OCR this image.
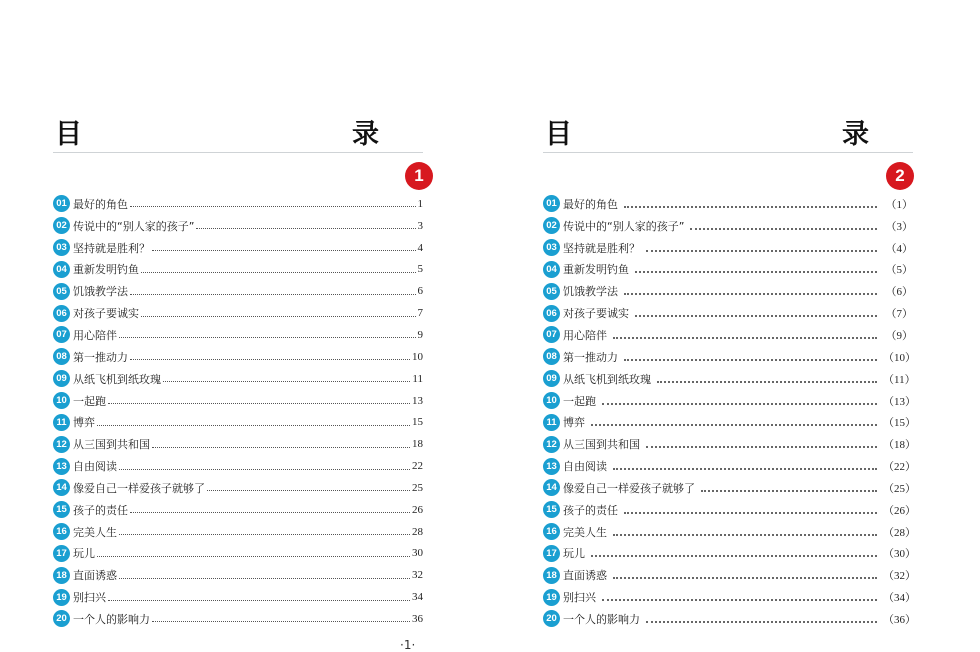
目　　录
1
01 最好的角色	1
02 传说中的“别人家的孩子”	3
03 坚持就是胜利？	4
04 重新发明钓鱼	5
05 饥饿教学法	6
06 对孩子要诚实	7
07 用心陪伴	9
08 第一推动力	10
09 从纸飞机到纸玫瑰	11
10 一起跑	13
11 博弈	15
12 从三国到共和国	18
13 自由阅读	22
14 像爱自己一样爱孩子就够了	25
15 孩子的责任	26
16 完美人生	28
17 玩儿	30
18 直面诱惑	32
19 别扫兴	34
20 一个人的影响力	36
·1·
目　　录
2
01 最好的角色	（1）
02 传说中的“别人家的孩子”	（3）
03 坚持就是胜利？	（4）
04 重新发明钓鱼	（5）
05 饥饿教学法	（6）
06 对孩子要诚实	（7）
07 用心陪伴	（9）
08 第一推动力	（10）
09 从纸飞机到纸玫瑰	（11）
10 一起跑	（13）
11 博弈	（15）
12 从三国到共和国	（18）
13 自由阅读	（22）
14 像爱自己一样爱孩子就够了	（25）
15 孩子的责任	（26）
16 完美人生	（28）
17 玩儿	（30）
18 直面诱惑	（32）
19 别扫兴	（34）
20 一个人的影响力	（36）
